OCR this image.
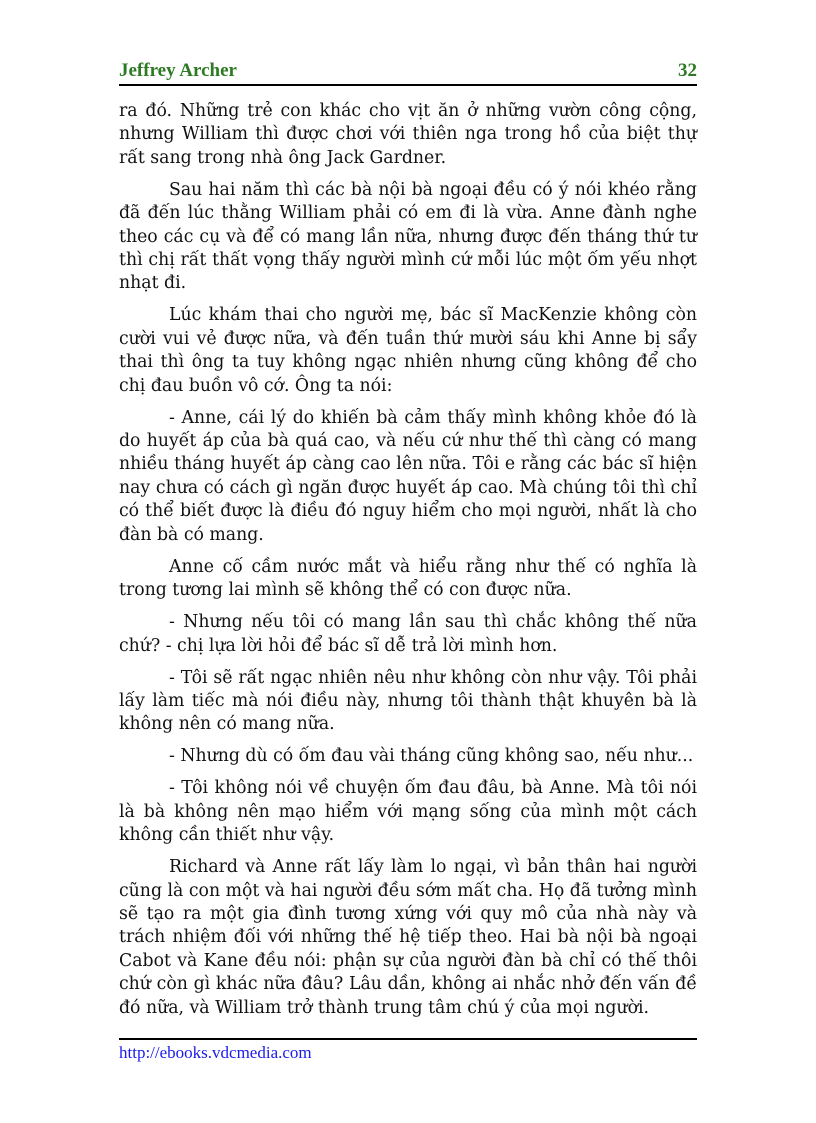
Jeffrey Archer	32

ra đó. Những trẻ con khác cho vịt ăn ở những vườn công cộng, nhưng William thì được chơi với thiên nga trong hồ của biệt thự rất sang trong nhà ông Jack Gardner.

Sau hai năm thì các bà nội bà ngoại đều có ý nói khéo rằng đã đến lúc thằng William phải có em đi là vừa. Anne đành nghe theo các cụ và để có mang lần nữa, nhưng được đến tháng thứ tư thì chị rất thất vọng thấy người mình cứ mỗi lúc một ốm yếu nhợt nhạt đi.

Lúc khám thai cho người mẹ, bác sĩ MacKenzie không còn cười vui vẻ được nữa, và đến tuần thứ mười sáu khi Anne bị sẩy thai thì ông ta tuy không ngạc nhiên nhưng cũng không để cho chị đau buồn vô cớ. Ông ta nói:

- Anne, cái lý do khiến bà cảm thấy mình không khỏe đó là do huyết áp của bà quá cao, và nếu cứ như thế thì càng có mang nhiều tháng huyết áp càng cao lên nữa. Tôi e rằng các bác sĩ hiện nay chưa có cách gì ngăn được huyết áp cao. Mà chúng tôi thì chỉ có thể biết được là điều đó nguy hiểm cho mọi người, nhất là cho đàn bà có mang.

Anne cố cầm nước mắt và hiểu rằng như thế có nghĩa là trong tương lai mình sẽ không thể có con được nữa.

- Nhưng nếu tôi có mang lần sau thì chắc không thế nữa chứ? - chị lựa lời hỏi để bác sĩ dễ trả lời mình hơn.

- Tôi sẽ rất ngạc nhiên nêu như không còn như vậy. Tôi phải lấy làm tiếc mà nói điều này, nhưng tôi thành thật khuyên bà là không nên có mang nữa.

- Nhưng dù có ốm đau vài tháng cũng không sao, nếu như...

- Tôi không nói về chuyện ốm đau đâu, bà Anne. Mà tôi nói là bà không nên mạo hiểm với mạng sống của mình một cách không cần thiết như vậy.

Richard và Anne rất lấy làm lo ngại, vì bản thân hai người cũng là con một và hai người đều sớm mất cha. Họ đã tưởng mình sẽ tạo ra một gia đình tương xứng với quy mô của nhà này và trách nhiệm đối với những thế hệ tiếp theo. Hai bà nội bà ngoại Cabot và Kane đều nói: phận sự của người đàn bà chỉ có thế thôi chứ còn gì khác nữa đâu? Lâu dần, không ai nhắc nhở đến vấn đề đó nữa, và William trở thành trung tâm chú ý của mọi người.

http://ebooks.vdcmedia.com
